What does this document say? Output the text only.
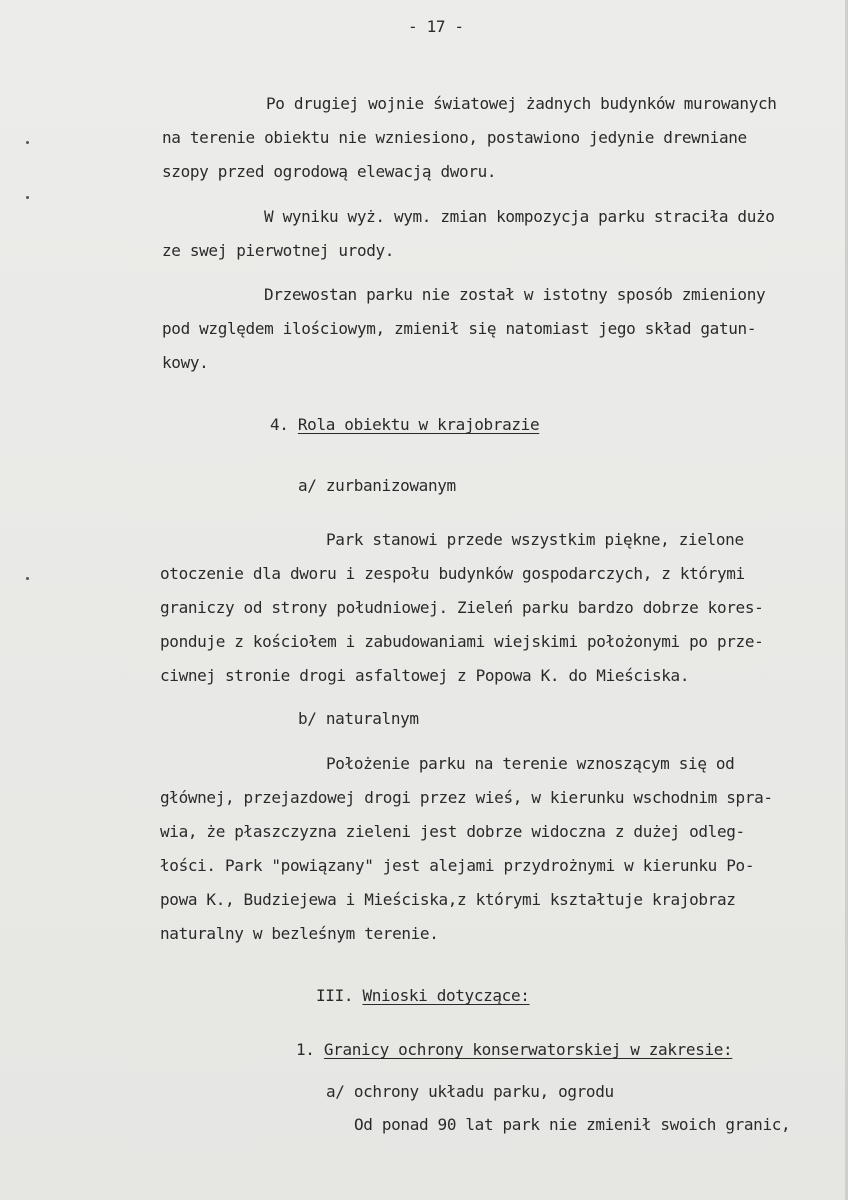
- 17 -
Po drugiej wojnie światowej żadnych budynków murowanych
na terenie obiektu nie wzniesiono, postawiono jedynie drewniane
szopy przed ogrodową elewacją dworu.
W wyniku wyż. wym. zmian kompozycja parku straciła dużo
ze swej pierwotnej urody.
Drzewostan parku nie został w istotny sposób zmieniony
pod względem ilościowym, zmienił się natomiast jego skład gatun-
kowy.
4. Rola obiektu w krajobrazie
a/ zurbanizowanym
Park stanowi przede wszystkim piękne, zielone
otoczenie dla dworu i zespołu budynków gospodarczych, z którymi
graniczy od strony południowej. Zieleń parku bardzo dobrze kores-
ponduje z kościołem i zabudowaniami wiejskimi położonymi po prze-
ciwnej stronie drogi asfaltowej z Popowa K. do Mieściska.
b/ naturalnym
Położenie parku na terenie wznoszącym się od
głównej, przejazdowej drogi przez wieś, w kierunku wschodnim spra-
wia, że płaszczyzna zieleni jest dobrze widoczna z dużej odleg-
łości. Park "powiązany" jest alejami przydrożnymi w kierunku Po-
powa K., Budziejewa i Mieściska,z którymi kształtuje krajobraz
naturalny w bezleśnym terenie.
III. Wnioski dotyczące:
1. Granicy ochrony konserwatorskiej w zakresie:
a/ ochrony układu parku, ogrodu
Od ponad 90 lat park nie zmienił swoich granic,
